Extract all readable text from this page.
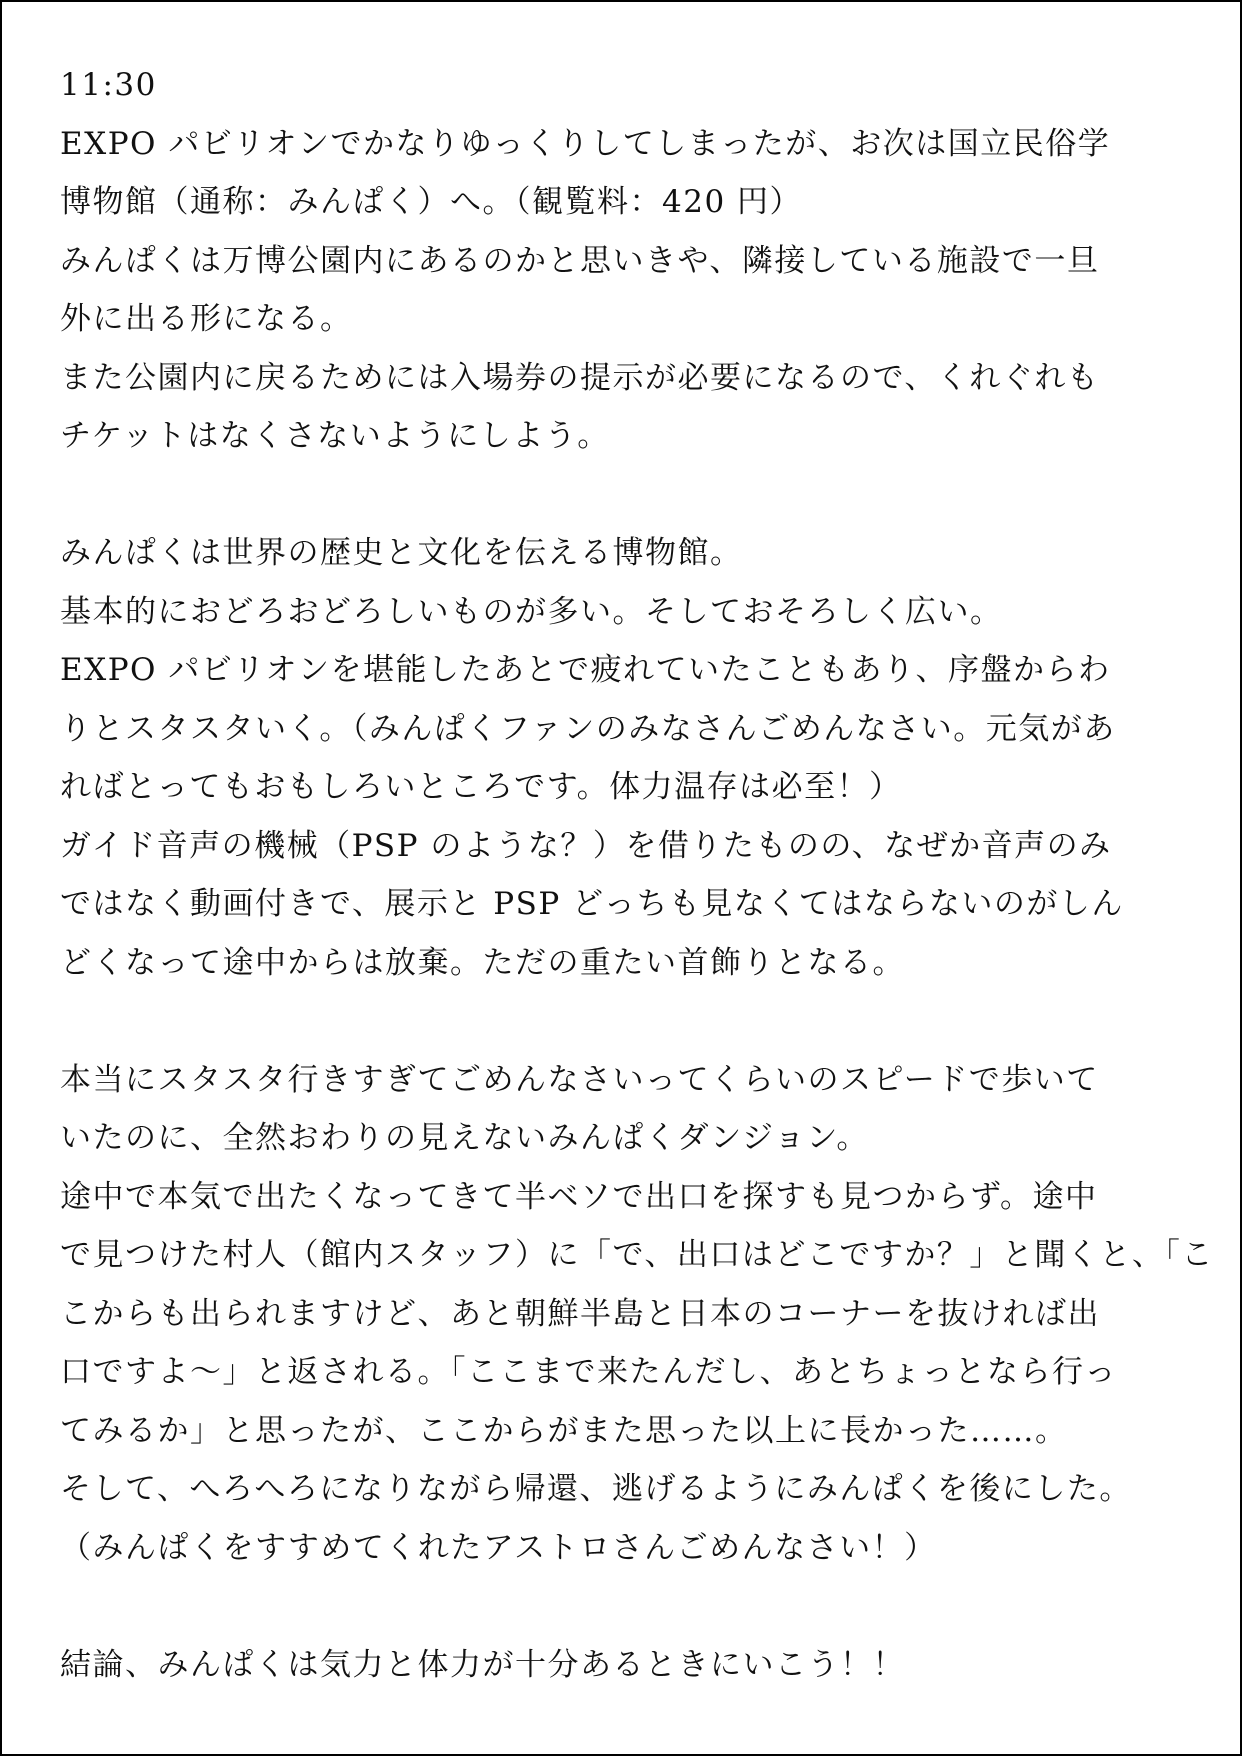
11:30
EXPO パビリオンでかなりゆっくりしてしまったが、お次は国立民俗学
博物館（通称：みんぱく）へ。（観覧料：420 円）
みんぱくは万博公園内にあるのかと思いきや、隣接している施設で一旦
外に出る形になる。
また公園内に戻るためには入場券の提示が必要になるので、くれぐれも
チケットはなくさないようにしよう。
みんぱくは世界の歴史と文化を伝える博物館。
基本的におどろおどろしいものが多い。そしておそろしく広い。
EXPO パビリオンを堪能したあとで疲れていたこともあり、序盤からわ
りとスタスタいく。（みんぱくファンのみなさんごめんなさい。元気があ
ればとってもおもしろいところです。体力温存は必至！）
ガイド音声の機械（PSP のような？）を借りたものの、なぜか音声のみ
ではなく動画付きで、展示と PSP どっちも見なくてはならないのがしん
どくなって途中からは放棄。ただの重たい首飾りとなる。
本当にスタスタ行きすぎてごめんなさいってくらいのスピードで歩いて
いたのに、全然おわりの見えないみんぱくダンジョン。
途中で本気で出たくなってきて半ベソで出口を探すも見つからず。途中
で見つけた村人（館内スタッフ）に「で、出口はどこですか？」と聞くと、「こ
こからも出られますけど、あと朝鮮半島と日本のコーナーを抜ければ出
口ですよ～」と返される。「ここまで来たんだし、あとちょっとなら行っ
てみるか」と思ったが、ここからがまた思った以上に長かった……。
そして、へろへろになりながら帰還、逃げるようにみんぱくを後にした。
（みんぱくをすすめてくれたアストロさんごめんなさい！）
結論、みんぱくは気力と体力が十分あるときにいこう！！
